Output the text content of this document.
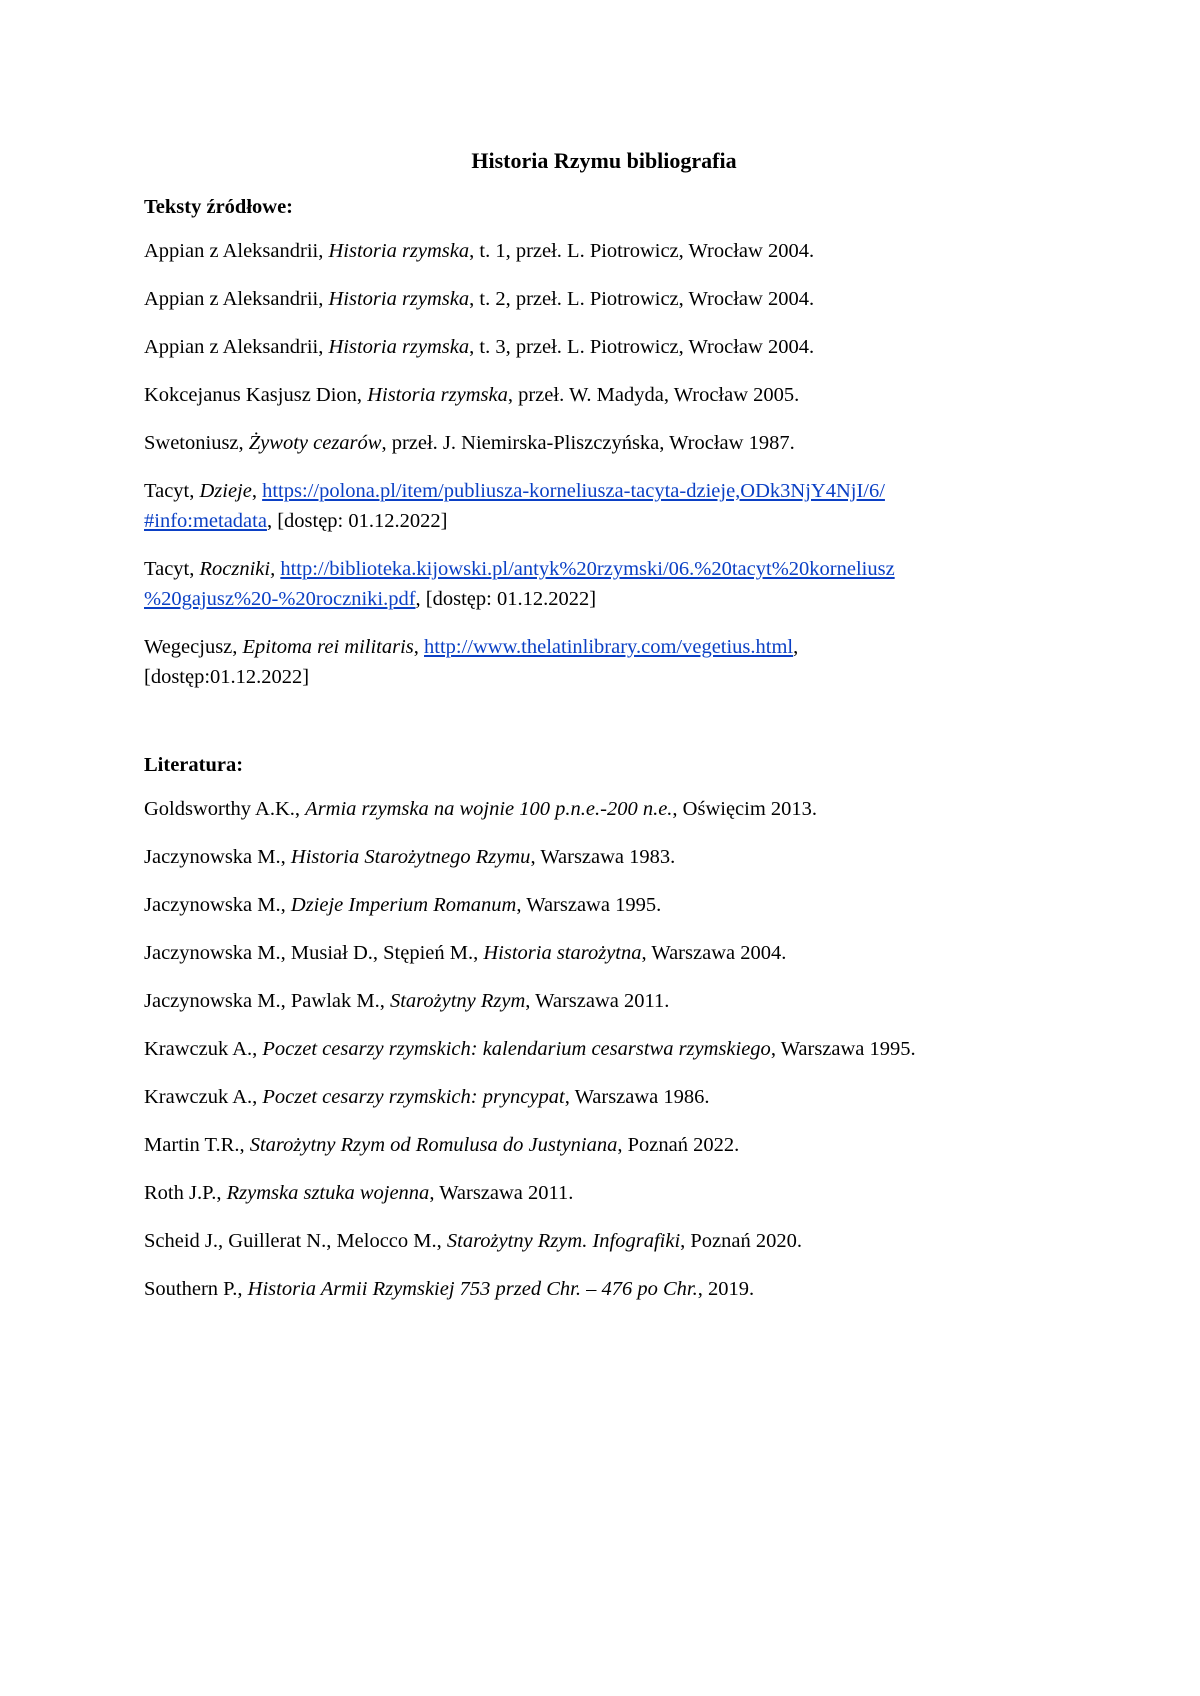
Historia Rzymu bibliografia
Teksty źródłowe:
Appian z Aleksandrii, Historia rzymska, t. 1, przeł. L. Piotrowicz, Wrocław 2004.
Appian z Aleksandrii, Historia rzymska, t. 2, przeł. L. Piotrowicz, Wrocław 2004.
Appian z Aleksandrii, Historia rzymska, t. 3, przeł. L. Piotrowicz, Wrocław 2004.
Kokcejanus Kasjusz Dion, Historia rzymska, przeł. W. Madyda, Wrocław 2005.
Swetoniusz, Żywoty cezarów, przeł. J. Niemirska-Pliszczyńska, Wrocław 1987.
Tacyt, Dzieje, https://polona.pl/item/publiusza-korneliusza-tacyta-dzieje,ODk3NjY4NjI/6/
#info:metadata, [dostęp: 01.12.2022]
Tacyt, Roczniki, http://biblioteka.kijowski.pl/antyk%20rzymski/06.%20tacyt%20korneliusz
%20gajusz%20-%20roczniki.pdf, [dostęp: 01.12.2022]
Wegecjusz, Epitoma rei militaris, http://www.thelatinlibrary.com/vegetius.html,
[dostęp:01.12.2022]
Literatura:
Goldsworthy A.K., Armia rzymska na wojnie 100 p.n.e.-200 n.e., Oświęcim 2013.
Jaczynowska M., Historia Starożytnego Rzymu, Warszawa 1983.
Jaczynowska M., Dzieje Imperium Romanum, Warszawa 1995.
Jaczynowska M., Musiał D., Stępień M., Historia starożytna, Warszawa 2004.
Jaczynowska M., Pawlak M., Starożytny Rzym, Warszawa 2011.
Krawczuk A., Poczet cesarzy rzymskich: kalendarium cesarstwa rzymskiego, Warszawa 1995.
Krawczuk A., Poczet cesarzy rzymskich: pryncypat, Warszawa 1986.
Martin T.R., Starożytny Rzym od Romulusa do Justyniana, Poznań 2022.
Roth J.P., Rzymska sztuka wojenna, Warszawa 2011.
Scheid J., Guillerat N., Melocco M., Starożytny Rzym. Infografiki, Poznań 2020.
Southern P., Historia Armii Rzymskiej 753 przed Chr. – 476 po Chr., 2019.
